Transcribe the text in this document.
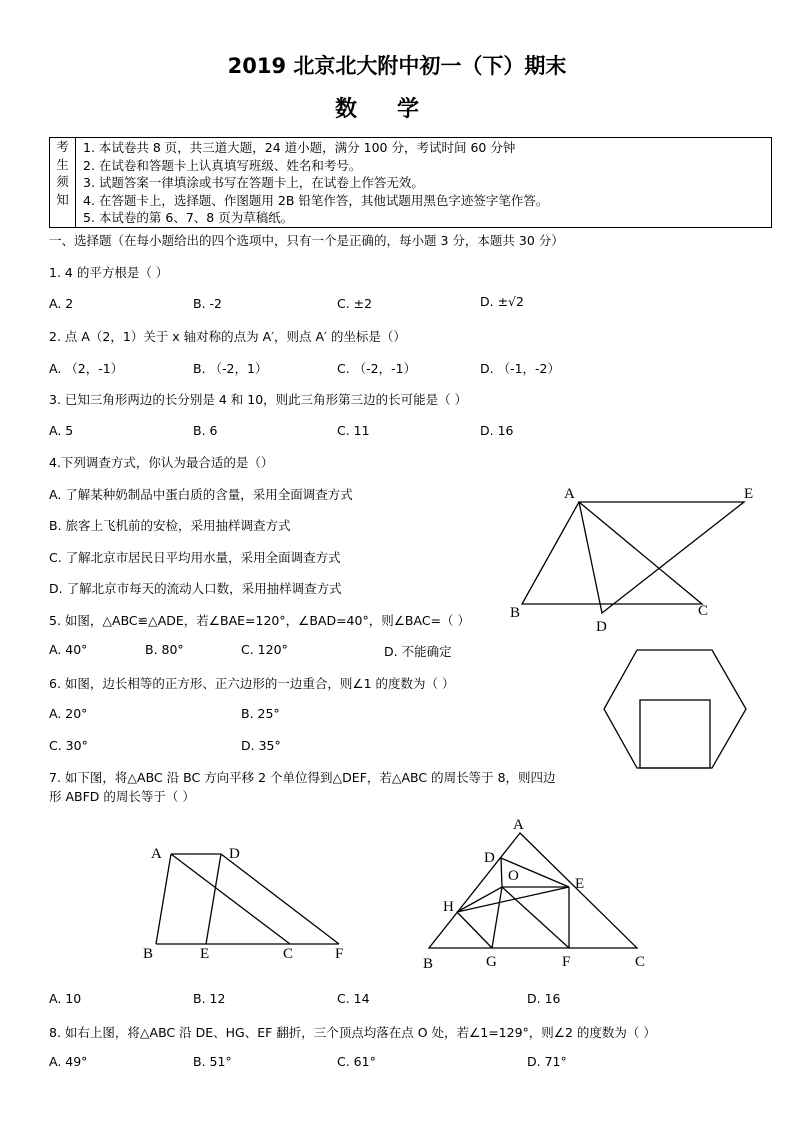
2019 北京北大附中初一（下）期末
数学
考
生
须
知
1. 本试卷共 8 页，共三道大题，24 道小题，满分 100 分，考试时间 60 分钟
2. 在试卷和答题卡上认真填写班级、姓名和考号。
3. 试题答案一律填涂或书写在答题卡上，在试卷上作答无效。
4. 在答题卡上，选择题、作图题用 2B 铅笔作答，其他试题用黑色字迹签字笔作答。
5. 本试卷的第 6、7、8 页为草稿纸。
一、选择题（在每小题给出的四个选项中，只有一个是正确的，每小题 3 分，本题共 30 分）
1. 4 的平方根是（ ）
A. 2	B. -2	C. ±2	D. ±√2
2. 点 A（2，1）关于 x 轴对称的点为 A′，则点 A′ 的坐标是（）
A. （2，-1）	B. （-2，1）	C. （-2，-1）	D. （-1，-2）
3. 已知三角形两边的长分别是 4 和 10，则此三角形第三边的长可能是（ ）
A. 5	B. 6	C. 11	D. 16
4.下列调查方式，你认为最合适的是（）
A. 了解某种奶制品中蛋白质的含量，采用全面调查方式
B. 旅客上飞机前的安检，采用抽样调查方式
C. 了解北京市居民日平均用水量，采用全面调查方式
D. 了解北京市每天的流动人口数，采用抽样调查方式
5. 如图，△ABC≌△ADE，若∠BAE=120°，∠BAD=40°，则∠BAC=（ ）
A. 40°	B. 80°	C. 120°	D. 不能确定
6. 如图，边长相等的正方形、正六边形的一边重合，则∠1 的度数为（ ）
A. 20°	B. 25°
C. 30°	D. 35°
7. 如下图，将△ABC 沿 BC 方向平移 2 个单位得到△DEF，若△ABC 的周长等于 8，则四边
形 ABFD 的周长等于（ ）
A. 10	B. 12	C. 14	D. 16
8. 如右上图，将△ABC 沿 DE、HG、EF 翻折，三个顶点均落在点 O 处，若∠1=129°，则∠2 的度数为（ ）
A. 49°	B. 51°	C. 61°	D. 71°
A	E
B	C
D
A	D
B	E	C	F
A
D
O	E
H
B	G	F	C
